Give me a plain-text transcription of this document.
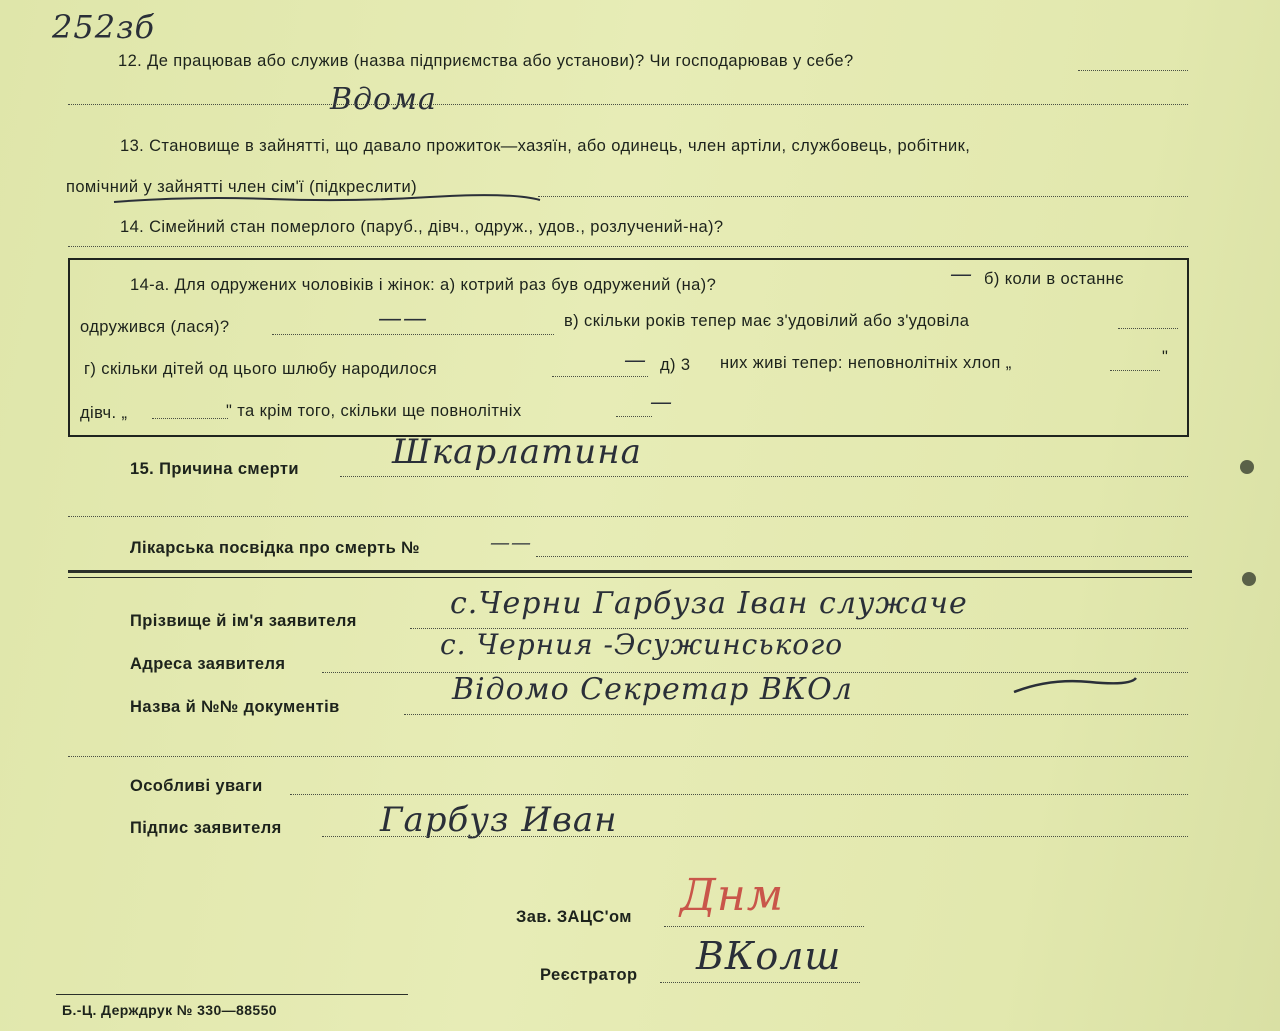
252зб
12. Де працював або служив (назва підприємства або установи)? Чи господарював у себе?
Вдома
13. Становище в зайнятті, що давало прожиток—хазяїн, або одинець, член артіли, службовець, робітник,
помічний у зайнятті член сім'ї (підкреслити)
14. Сімейний стан померлого (паруб., дівч., одруж., удов., розлучений-на)?
14-а. Для одружених чоловіків і жінок: а) котрий раз був одружений (на)?	— б) коли в останнє
одружився (лася)?	——	в) скільки років тепер має з'удовілий або з'удовіла
г) скільки дітей од цього шлюбу народилося	— д) 3 них живі тепер: неповнолітніх хлоп „	"
дівч. „	" та крім того, скільки ще повнолітніх	—
15. Причина смерти	Шкарлатина
Лікарська посвідка про смерть №	——
Прізвище й ім'я заявителя	с.Черни Гарбуза Іван служаче
Адреса заявителя
с. Черния -Эсужинського
Назва й №№ документів	Відомо Секретар ВКОл
Особливі уваги
Підпис заявителя	Гарбуз Иван
Зав. ЗАЦС'ом Днм
Реєстратор ВКолш
Б.-Ц. Держдрук № 330—88550
